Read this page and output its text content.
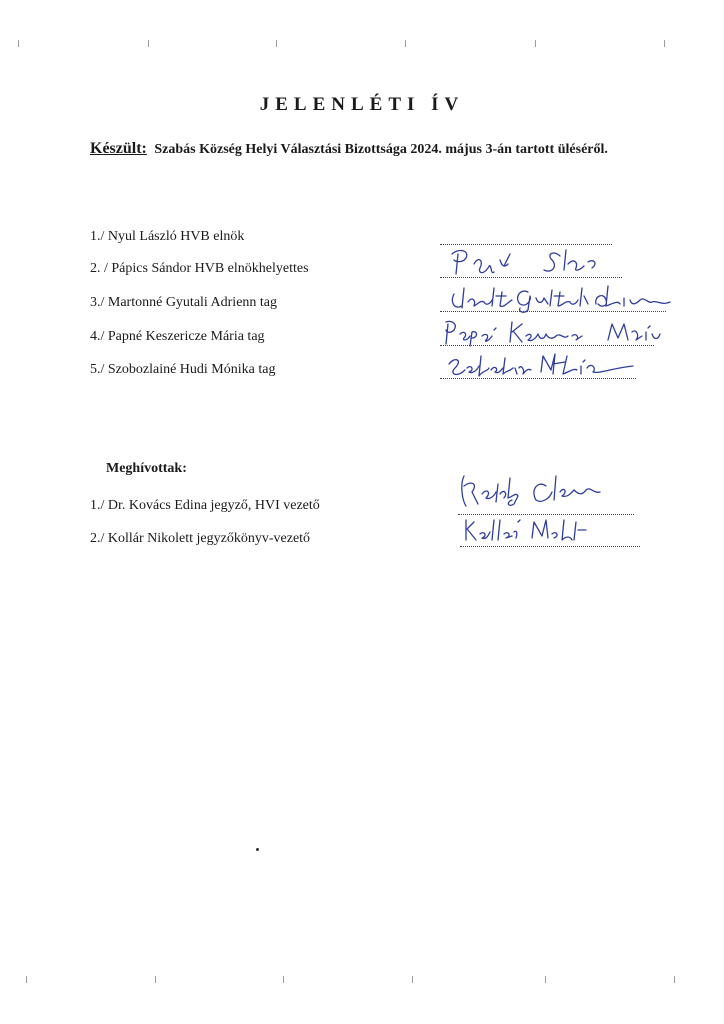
JELENLÉTI ÍV
Készült: Szabás Község Helyi Választási Bizottsága 2024. május 3-án tartott üléséről.
1./ Nyul László HVB elnök
2. / Pápics Sándor HVB elnökhelyettes
3./ Martonné Gyutali Adrienn tag
4./ Papné Keszericze Mária tag
5./ Szobozlainé Hudi Mónika tag
Meghívottak:
1./ Dr. Kovács Edina jegyző, HVI vezető
2./ Kollár Nikolett jegyzőkönyv-vezető
